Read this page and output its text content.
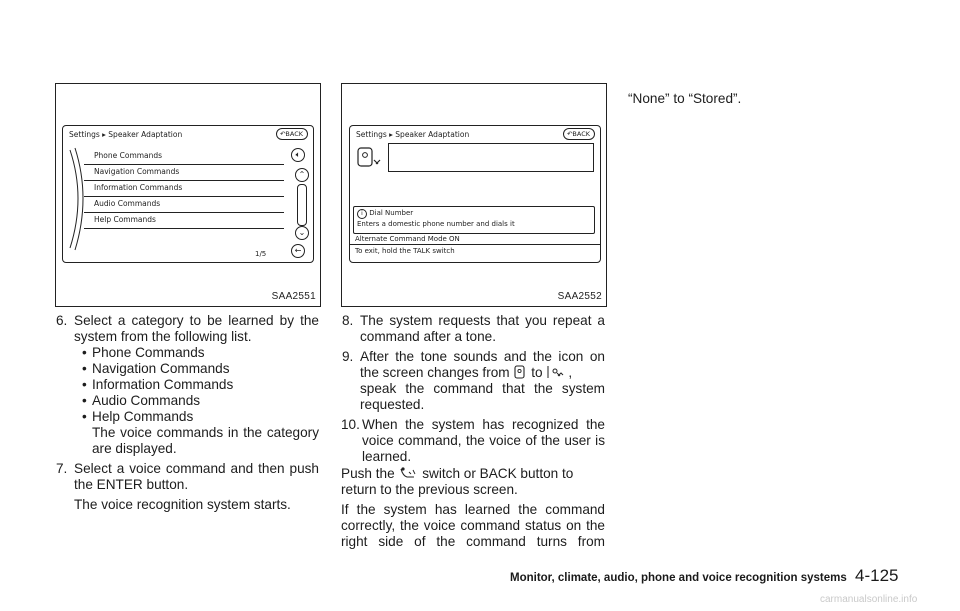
Settings ▸ Speaker Adaptation	↶BACK
Phone Commands
Navigation Commands
Information Commands
Audio Commands
Help Commands
🔈︎
⌃
⌄
←
1/5
SAA2551
Settings ▸ Speaker Adaptation	↶BACK
i Dial Number
Enters a domestic phone number and dials it
Alternate Command Mode ON
To exit, hold the TALK switch
SAA2552
6. Select a category to be learned by the
system from the following list.
• Phone Commands
• Navigation Commands
• Information Commands
• Audio Commands
• Help Commands
The voice commands in the category
are displayed.
7. Select a voice command and then push
the ENTER button.
The voice recognition system starts.
8. The system requests that you repeat a
command after a tone.
9. After the tone sounds and the icon on
the screen changes from to ,
speak the command that the system
requested.
10. When the system has recognized the
voice command, the voice of the user is
learned.
Push the switch or BACK button to
return to the previous screen.
If the system has learned the command
correctly, the voice command status on the
right side of the command turns from
“None” to “Stored”.
Monitor, climate, audio, phone and voice recognition systems 4-125
carmanualsonline.info
